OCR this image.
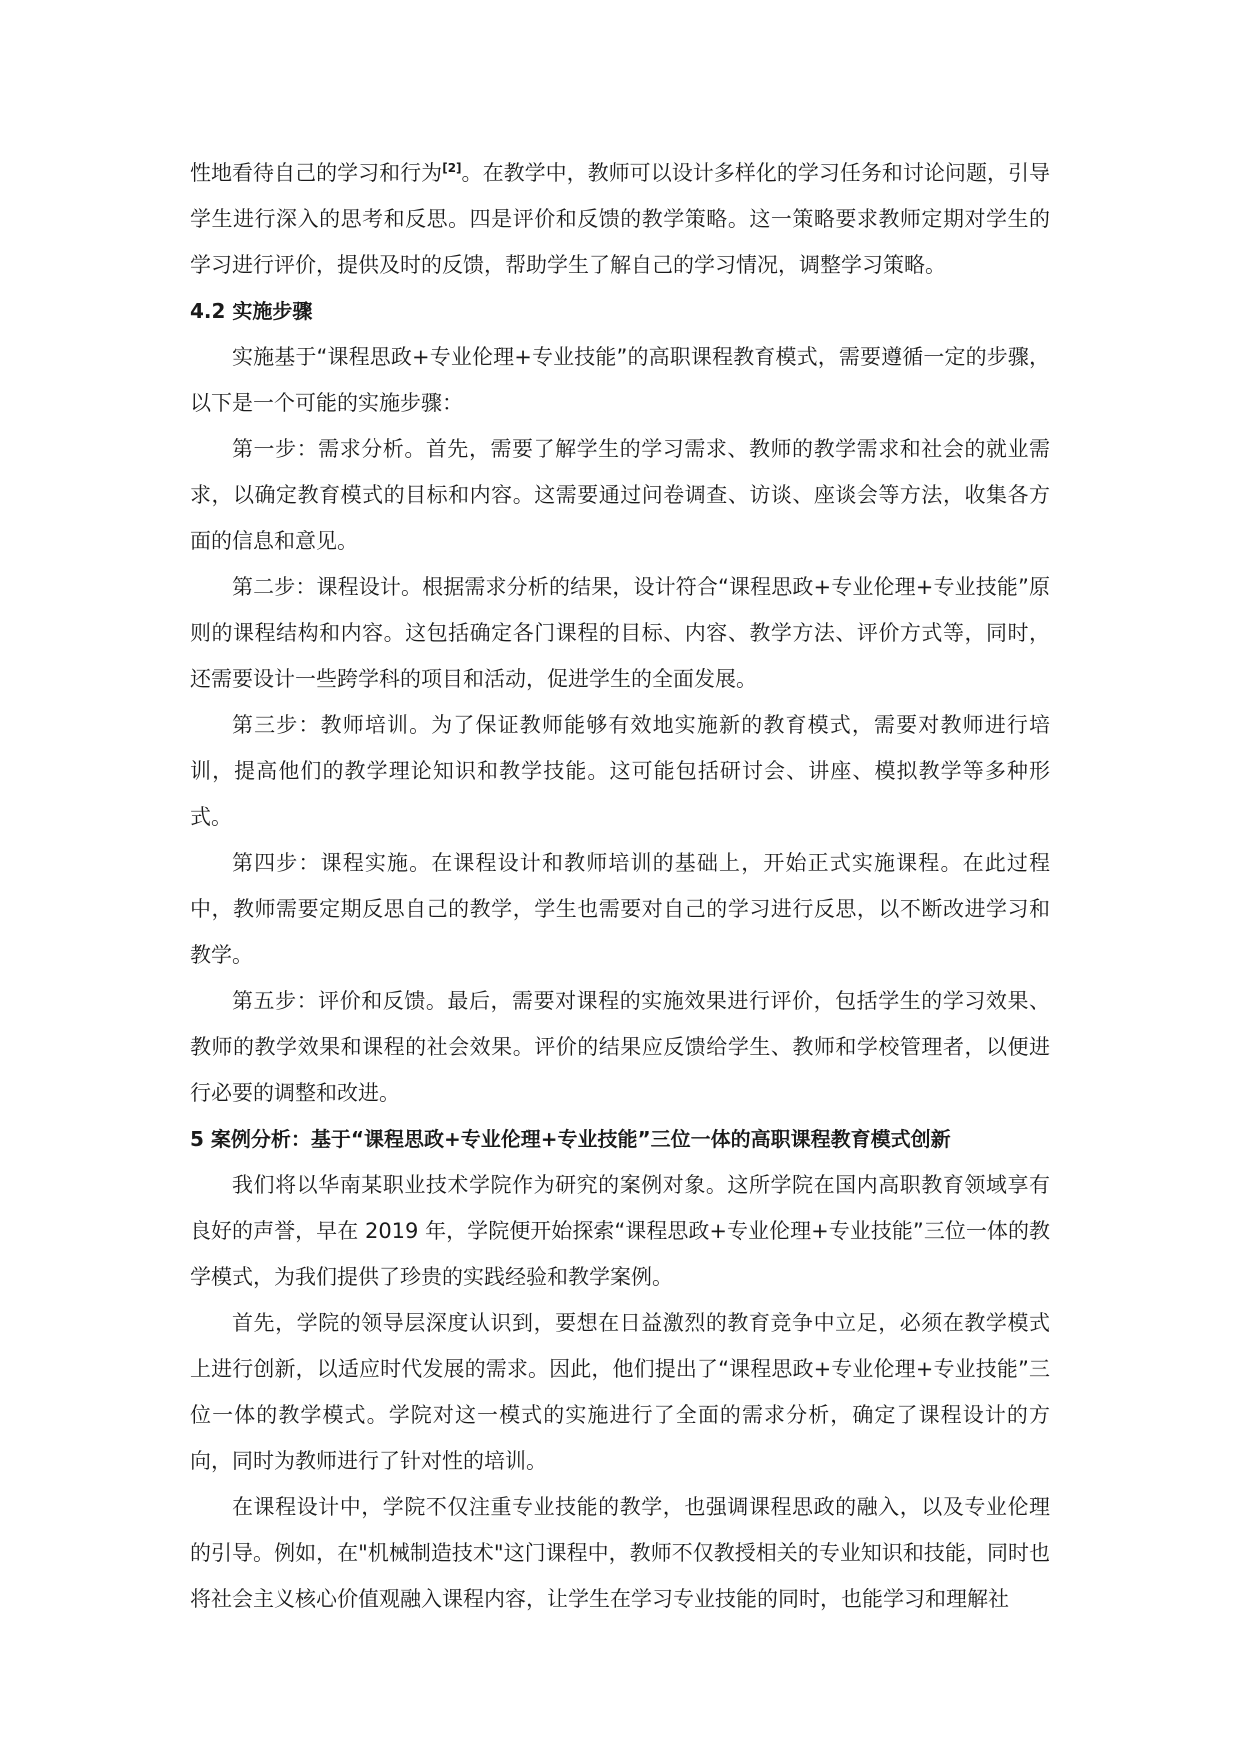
性地看待自己的学习和行为[2]。在教学中，教师可以设计多样化的学习任务和讨论问题，引导学生进行深入的思考和反思。四是评价和反馈的教学策略。这一策略要求教师定期对学生的学习进行评价，提供及时的反馈，帮助学生了解自己的学习情况，调整学习策略。

4.2 实施步骤

实施基于“课程思政+专业伦理+专业技能”的高职课程教育模式，需要遵循一定的步骤，以下是一个可能的实施步骤：

第一步：需求分析。首先，需要了解学生的学习需求、教师的教学需求和社会的就业需求，以确定教育模式的目标和内容。这需要通过问卷调查、访谈、座谈会等方法，收集各方面的信息和意见。

第二步：课程设计。根据需求分析的结果，设计符合“课程思政+专业伦理+专业技能”原则的课程结构和内容。这包括确定各门课程的目标、内容、教学方法、评价方式等，同时，还需要设计一些跨学科的项目和活动，促进学生的全面发展。

第三步：教师培训。为了保证教师能够有效地实施新的教育模式，需要对教师进行培训，提高他们的教学理论知识和教学技能。这可能包括研讨会、讲座、模拟教学等多种形式。

第四步：课程实施。在课程设计和教师培训的基础上，开始正式实施课程。在此过程中，教师需要定期反思自己的教学，学生也需要对自己的学习进行反思，以不断改进学习和教学。

第五步：评价和反馈。最后，需要对课程的实施效果进行评价，包括学生的学习效果、教师的教学效果和课程的社会效果。评价的结果应反馈给学生、教师和学校管理者，以便进行必要的调整和改进。

5 案例分析：基于“课程思政+专业伦理+专业技能”三位一体的高职课程教育模式创新

我们将以华南某职业技术学院作为研究的案例对象。这所学院在国内高职教育领域享有良好的声誉，早在 2019 年，学院便开始探索“课程思政+专业伦理+专业技能”三位一体的教学模式，为我们提供了珍贵的实践经验和教学案例。

首先，学院的领导层深度认识到，要想在日益激烈的教育竞争中立足，必须在教学模式上进行创新，以适应时代发展的需求。因此，他们提出了“课程思政+专业伦理+专业技能”三位一体的教学模式。学院对这一模式的实施进行了全面的需求分析，确定了课程设计的方向，同时为教师进行了针对性的培训。

在课程设计中，学院不仅注重专业技能的教学，也强调课程思政的融入，以及专业伦理的引导。例如，在"机械制造技术"这门课程中，教师不仅教授相关的专业知识和技能，同时也将社会主义核心价值观融入课程内容，让学生在学习专业技能的同时，也能学习和理解社
